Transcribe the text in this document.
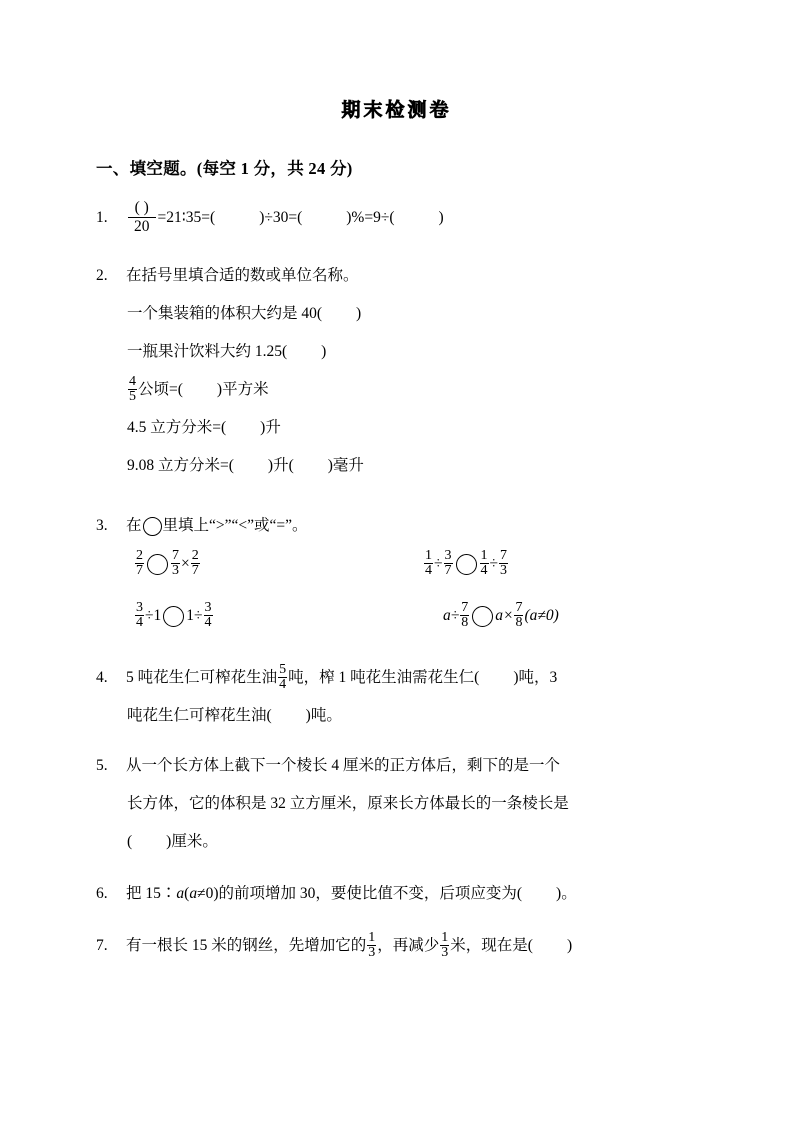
期末检测卷
一、填空题。(每空 1 分，共 24 分)
1.	$\frac{( )}{20}$ =21∶35=(	)÷30=(	)%=9÷(	)
2.	在括号里填合适的数或单位名称。
一个集装箱的体积大约是 40( )
一瓶果汁饮料大约 1.25( )
$\frac{4}{5}$ 公顷=( )平方米
4.5 立方分米=( )升
9.08 立方分米=( )升( )毫升
3.	在 里填上“>”“<”或“=”。
$\frac{2}{7} \frac{7}{3} \times \frac{2}{7}$	$\frac{1}{4} \div \frac{3}{7} \frac{1}{4} \div \frac{7}{3}$
$\frac{3}{4} \div 1$ $1\div \frac{3}{4}$	$a\div \frac{7}{8} a\times \frac{7}{8} (a\ne 0)$
4.	5 吨花生仁可榨花生油 $\frac{5}{4}$ 吨，榨 1 吨花生油需花生仁( )吨，3
吨花生仁可榨花生油( )吨。
5.	从一个长方体上截下一个棱长 4 厘米的正方体后，剩下的是一个
长方体，它的体积是 32 立方厘米，原来长方体最长的一条棱长是
( )厘米。
6.	把 15∶a(a≠0)的前项增加 30，要使比值不变，后项应变为( )。
7.	有一根长 15 米的钢丝，先增加它的 $\frac{1}{3}$ ，再减少 $\frac{1}{3}$ 米，现在是( )
